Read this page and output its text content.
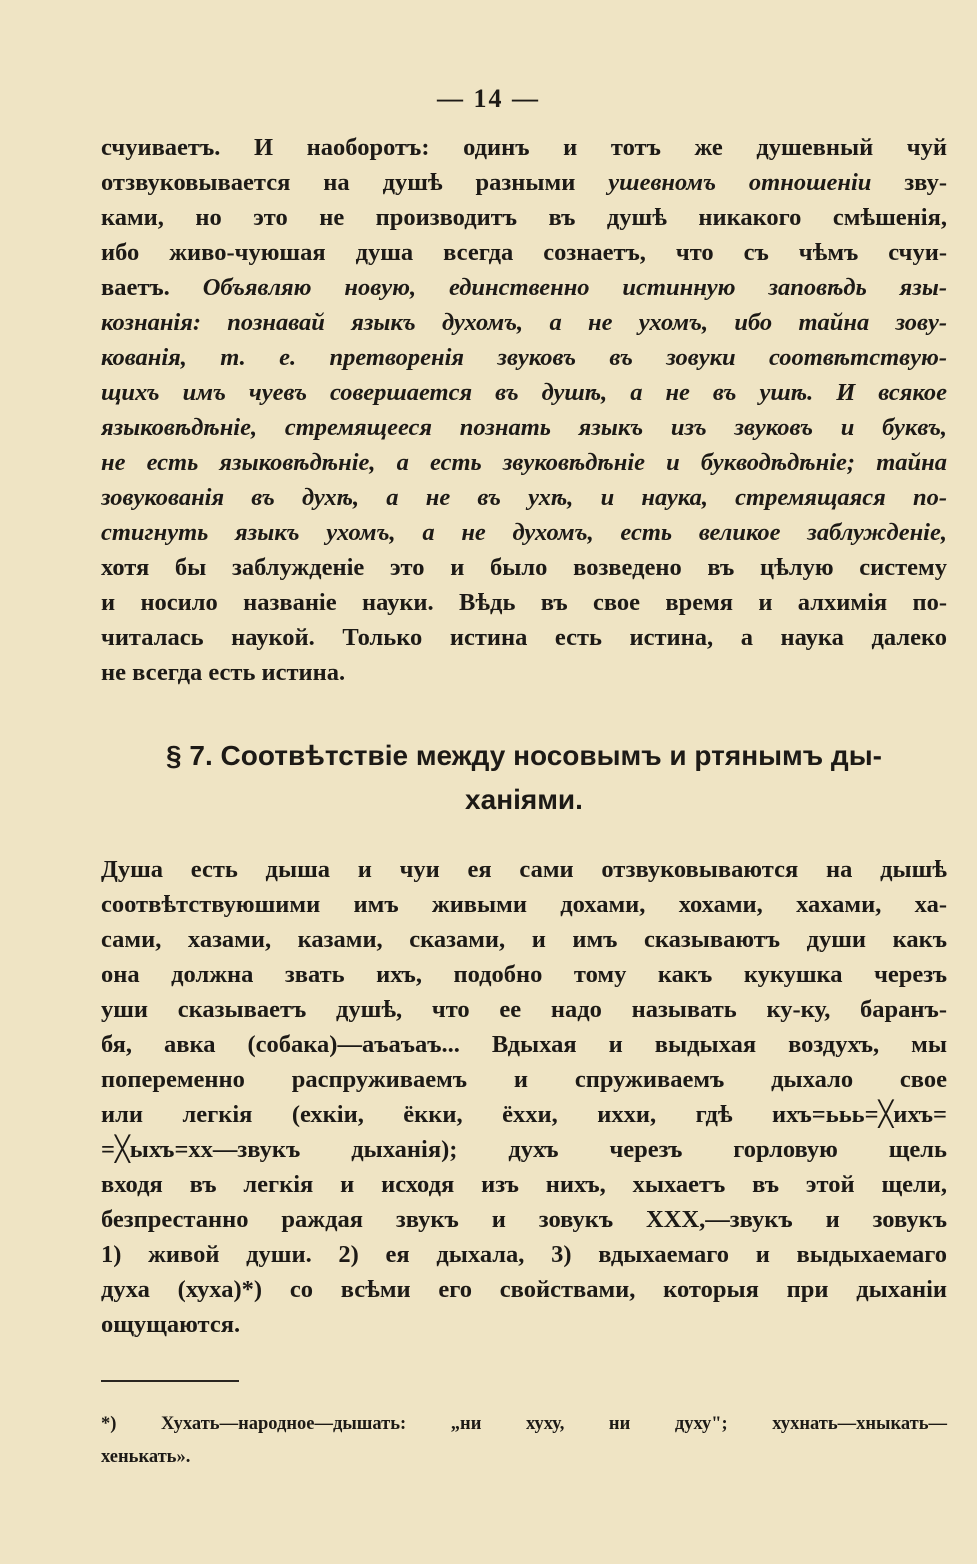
— 14 —
счуиваетъ. И наоборотъ: одинъ и тотъ же душевный чуй
отзвуковывается на душѣ разными ушевномъ отношеніи зву-
ками, но это не производитъ въ душѣ никакого смѣшенія,
ибо живо-чуюшая душа всегда сознаетъ, что съ чѣмъ счуи-
ваетъ. Объявляю новую, единственно истинную заповѣдь язы-
кознанія: познавай языкъ духомъ, а не ухомъ, ибо тайна зову-
кованія, т. е. претворенія звуковъ въ зовуки соотвѣтствую-
щихъ имъ чуевъ совершается въ душѣ, а не въ ушѣ. И всякое
языковѣдѣніе, стремящееся познать языкъ изъ звуковъ и буквъ,
не есть языковѣдѣніе, а есть звуковѣдѣніе и букводѣдѣніе; тайна
зовукованія въ духѣ, а не въ ухѣ, и наука, стремящаяся по-
стигнуть языкъ ухомъ, а не духомъ, есть великое заблужденіе,
хотя бы заблужденіе это и было возведено въ цѣлую систему
и носило названіе науки. Вѣдь въ свое время и алхимія по-
читалась наукой. Только истина есть истина, а наука далеко
не всегда есть истина.
§ 7. Соотвѣтствіе между носовымъ и ртянымъ ды-
ханіями.
Душа есть дыша и чуи ея сами отзвуковываются на дышѣ
соотвѣтствуюшими имъ живыми дохами, хохами, хахами, ха-
сами, хазами, казами, сказами, и имъ сказываютъ души какъ
она должна звать ихъ, подобно тому какъ кукушка черезъ
уши сказываетъ душѣ, что ее надо называть ку-ку, баранъ-
бя, авка (собака)—аъаъаъ... Вдыхая и выдыхая воздухъ, мы
попеременно распруживаемъ и спруживаемъ дыхало свое
или легкія (ехкіи, ёкки, ёххи, иххи, гдѣ ихъ=ььь=╳ихъ=
=╳ыхъ=хх—звукъ дыханія); духъ черезъ горловую щель
входя въ легкія и исходя изъ нихъ, хыхаетъ въ этой щели,
безпрестанно раждая звукъ и зовукъ XXX,—звукъ и зовукъ
1) живой души. 2) ея дыхала, 3) вдыхаемаго и выдыхаемаго
духа (хуха)*) со всѣми его свойствами, которыя при дыханіи
ощущаются.
*) Хухать—народное—дышать: „ни хуху, ни духу"; хухнать—хныкать—
хенькать».
